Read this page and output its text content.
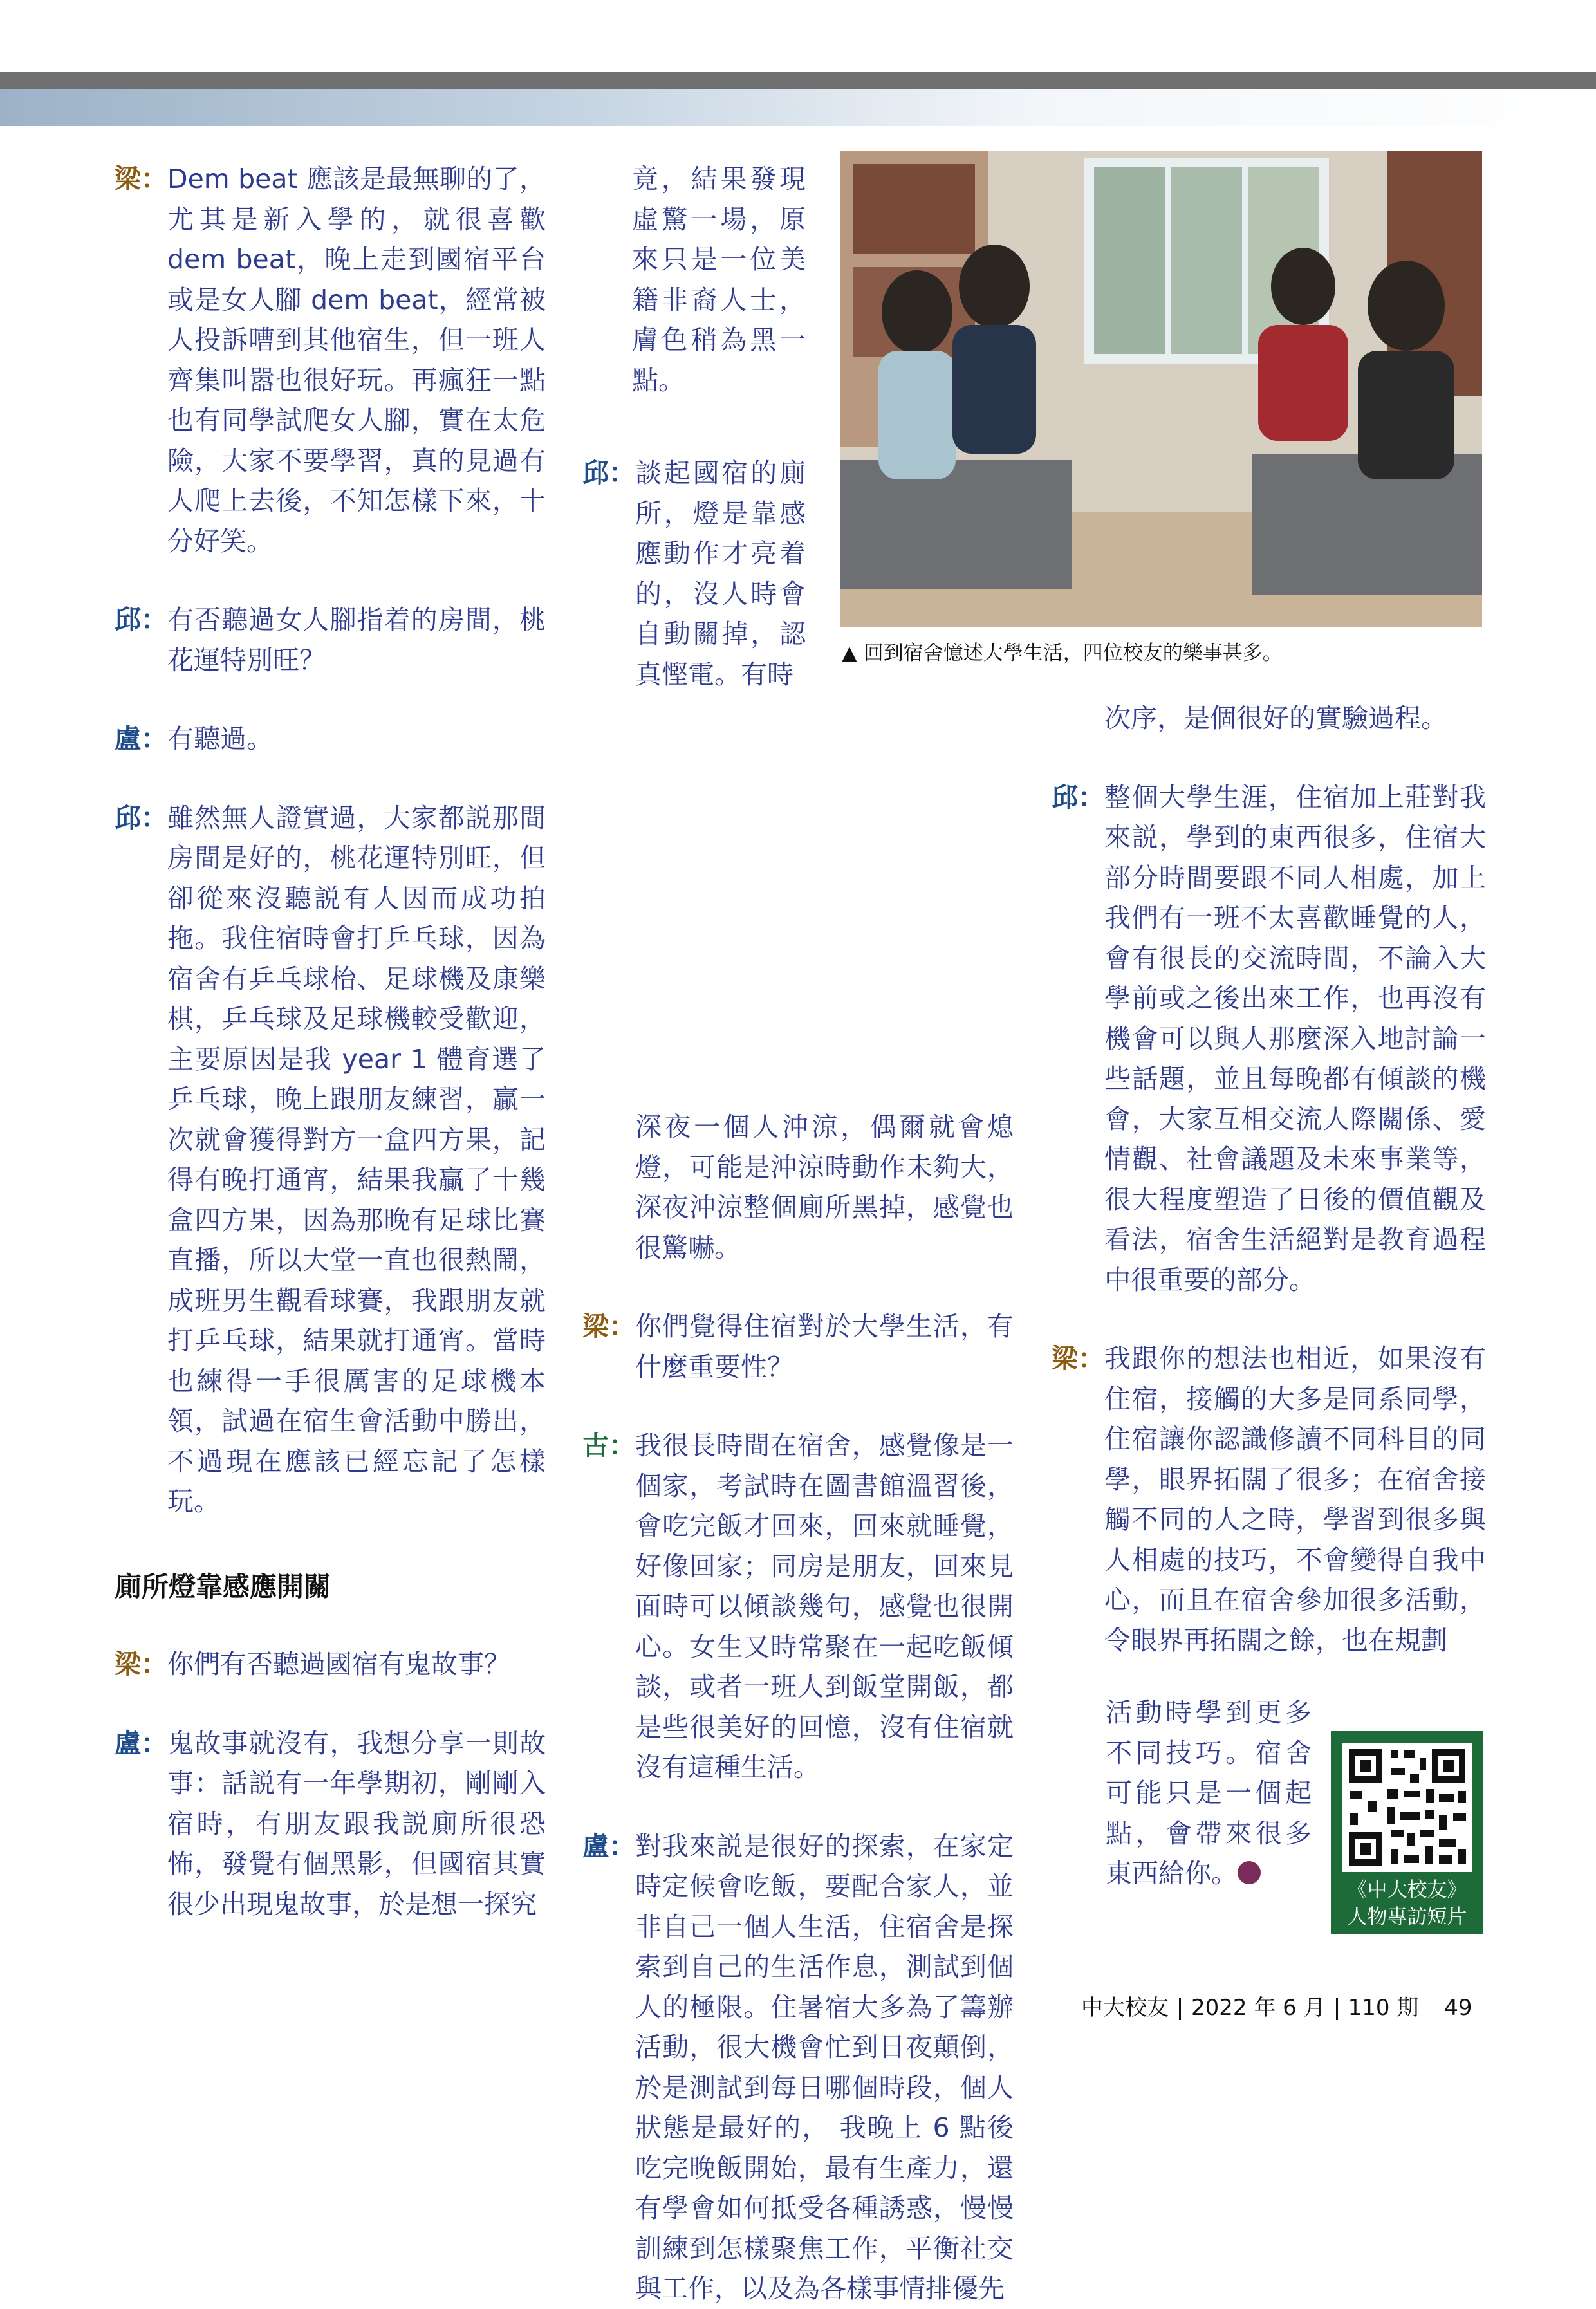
梁： Dem beat 應該是最無聊的了，尤其是新入學的，就很喜歡 dem beat，晚上走到國宿平台或是女人腳 dem beat，經常被人投訴嘈到其他宿生，但一班人齊集叫嚣也很好玩。再瘋狂一點也有同學試爬女人腳，實在太危險，大家不要學習，真的見過有人爬上去後，不知怎樣下來，十分好笑。
邱： 有否聽過女人腳指着的房間，桃花運特別旺？
盧： 有聽過。
邱： 雖然無人證實過，大家都説那間房間是好的，桃花運特別旺，但卻從來沒聽説有人因而成功拍拖。我住宿時會打乒乓球，因為宿舍有乒乓球枱、足球機及康樂棋，乒乓球及足球機較受歡迎，主要原因是我 year 1 體育選了乒乓球，晚上跟朋友練習，贏一次就會獲得對方一盒四方果，記得有晚打通宵，結果我贏了十幾盒四方果，因為那晚有足球比賽直播，所以大堂一直也很熱鬧，成班男生觀看球賽，我跟朋友就打乒乓球，結果就打通宵。當時也練得一手很厲害的足球機本領，試過在宿生會活動中勝出，不過現在應該已經忘記了怎樣玩。
廁所燈靠感應開關
梁： 你們有否聽過國宿有鬼故事？
盧： 鬼故事就沒有，我想分享一則故事：話説有一年學期初，剛剛入宿時，有朋友跟我説廁所很恐怖，發覺有個黑影，但國宿其實很少出現鬼故事，於是想一探究
竟，結果發現虛驚一場，原來只是一位美籍非裔人士，膚色稍為黑一點。
邱： 談起國宿的廁所，燈是靠感應動作才亮着的，沒人時會自動關掉，認真慳電。有時
▲ 回到宿舍憶述大學生活，四位校友的樂事甚多。
深夜一個人沖涼，偶爾就會熄燈，可能是沖涼時動作未夠大，深夜沖涼整個廁所黑掉，感覺也很驚嚇。
梁： 你們覺得住宿對於大學生活，有什麼重要性？
古： 我很長時間在宿舍，感覺像是一個家，考試時在圖書館溫習後，會吃完飯才回來，回來就睡覺，好像回家；同房是朋友，回來見面時可以傾談幾句，感覺也很開心。女生又時常聚在一起吃飯傾談，或者一班人到飯堂開飯，都是些很美好的回憶，沒有住宿就沒有這種生活。
盧： 對我來説是很好的探索，在家定時定候會吃飯，要配合家人，並非自己一個人生活，住宿舍是探索到自己的生活作息，測試到個人的極限。住暑宿大多為了籌辦活動，很大機會忙到日夜顛倒，於是測試到每日哪個時段，個人狀態是最好的， 我晚上 6 點後吃完晚飯開始，最有生產力，還有學會如何抵受各種誘惑，慢慢訓練到怎樣聚焦工作，平衡社交與工作，以及為各樣事情排優先
次序，是個很好的實驗過程。
邱： 整個大學生涯，住宿加上莊對我來説，學到的東西很多，住宿大部分時間要跟不同人相處，加上我們有一班不太喜歡睡覺的人，會有很長的交流時間，不論入大學前或之後出來工作，也再沒有機會可以與人那麼深入地討論一些話題，並且每晚都有傾談的機會，大家互相交流人際關係、愛情觀、社會議題及未來事業等，很大程度塑造了日後的價值觀及看法，宿舍生活絕對是教育過程中很重要的部分。
梁： 我跟你的想法也相近，如果沒有住宿，接觸的大多是同系同學，住宿讓你認識修讀不同科目的同學，眼界拓闊了很多；在宿舍接觸不同的人之時，學習到很多與人相處的技巧，不會變得自我中心，而且在宿舍參加很多活動，令眼界再拓闊之餘，也在規劃
活動時學到更多不同技巧。宿舍可能只是一個起點，會帶來很多東西給你。
《中大校友》
人物專訪短片
中大校友 2022 年 6 月 110 期 49
